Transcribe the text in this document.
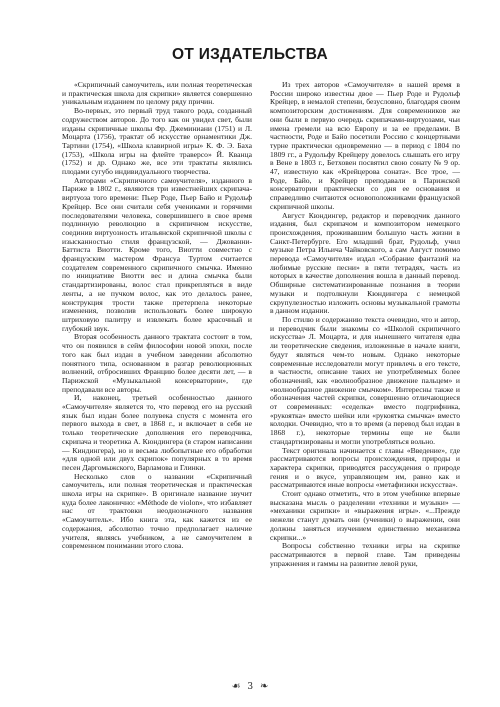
ОТ ИЗДАТЕЛЬСТВА

«Скрипичный самоучитель, или полная теоретическая и практическая школа для скрипки» является совершенно уникальным изданием по целому ряду причин.

Во-первых, это первый труд такого рода, созданный содружеством авторов. До того как он увидел свет, были изданы скрипичные школы Фр. Джеминиани (1751) и Л. Моцарта (1756), трактат об искусстве орнаментики Дж. Тартини (1754), «Школа клавирной игры» К. Ф. Э. Баха (1753), «Школа игры на флейте траверсо» Й. Кванца (1752) и др. Однако же, все эти трактаты являлись плодами сугубо индивидуального творчества.

Авторами «Скрипичного самоучителя», изданного в Париже в 1802 г., являются три известнейших скрипача-виртуоза того времени: Пьер Роде, Пьер Байо и Рудольф Крейцер. Все они считали себя учениками и горячими последователями человека, совершившего в свое время подлинную революцию в скрипичном искусстве, соединив виртуозность итальянской скрипичной школы с изысканностью стиля французской, — Джованни-Баттиста Виотти. Кроме того, Виотти совместно с французским мастером Франсуа Туртом считается создателем современного скрипичного смычка. Именно по инициативе Виотти вес и длина смычка были стандартизированы, волос стал прикрепляться в виде ленты, а не пучком волос, как это делалось ранее, конструкция трости также претерпела некоторые изменения, позволив использовать более широкую штриховую палитру и извлекать более красочный и глубокий звук.

Вторая особенность данного трактата состоит в том, что он появился в сейм философии новой эпохи, после того как был издан в учебном заведении абсолютно понятного типа, основанном в разгар революционных волнений, отбросивших Францию более десяти лет, — в Парижской «Музыкальной консерватории», где преподавали все авторы.

И, наконец, третьей особенностью данного «Самоучителя» является то, что перевод его на русский язык был издан более полувека спустя с момента его первого выхода в свет, в 1868 г., и включает в себя не только теоретические дополнения его переводчика, скрипача и теоретика А. Кюндингера (в старом написании — Киндингера), но и весьма любопытные его обработки «для одной или двух скрипок» популярных в то время песен Даргомыжского, Варламова и Глинки.

Несколько слов о названии «Скрипичный самоучитель, или полная теоретическая и практическая школа игры на скрипке». В оригинале название звучит куда более лаконично: «Méthode de violon», что избавляет нас от трактовки неоднозначного названия «Самоучитель». Ибо книга эта, как кажется из ее содержания, абсолютно точно предполагает наличие учителя, являясь учебником, а не самоучителем в современном понимании этого слова.

Из трех авторов «Самоучителя» в нашей время в России широко известны двое — Пьер Роде и Рудольф Крейцер, в немалой степени, безусловно, благодаря своим композиторским достижениям. Для современников же они были в первую очередь скрипачами-виртуозами, чьи имена гремели на всю Европу и за ее пределами. В частности, Роде и Байо посетили Россию с концертными турне практически одновременно — в период с 1804 по 1809 гг., а Рудольфу Крейцеру довелось слышать его игру в Вене в 1803 г., Бетховен посвятил свою сонату № 9 ор. 47, известную как «Крейцерова соната». Все трое, — Роде, Байо, и Крейцер преподавали в Парижской консерватории практически со дня ее основания и справедливо считаются основоположниками французской скрипичной школы.

Август Кюндингер, редактор и переводчик данного издания, был скрипачом и композитором немецкого происхождения, проживавшим большую часть жизни в Санкт-Петербурге. Его младший брат, Рудольф, учил музыке Петра Ильича Чайковского, а сам Август помимо перевода «Самоучителя» издал «Собрание фантазий на любимые русские песни» в пяти тетрадях, часть из которых в качестве дополнения вошла в данный перевод. Обширные систематизированные познания в теории музыки и подтолкнули Кюндингера с немецкой скрупулезностью изложить основы музыкальной грамоты в данном издании.

По стилю и содержанию текста очевидно, что и автор, и переводчик были знакомы со «Школой скрипичного искусства» Л. Моцарта, и для нынешнего читателя едва ли теоретические сведения, изложенные в начале книги, будут являться чем-то новым. Однако некоторые современные исследователи могут привлечь в его тексте, в частности, описание таких не употребляемых более обозначений, как «волнообразное движение пальцем» и «волнообразное движение смычком». Интересны также и обозначения частей скрипки, совершенно отличающиеся от современных: «седелка» вместо подгрифника, «рукоятка» вместо шейки или «рукоятка смычка» вместо колодки. Очевидно, что в то время (а перевод был издан в 1868 г.), некоторые термины еще не были стандартизированы и могли употребляться вольно.

Текст оригинала начинается с главы «Введение», где рассматриваются вопросы происхождения, природы и характера скрипки, приводятся рассуждения о природе гения и о вкусе, управляющем им, равно как и рассматриваются иные вопросы «метафизики искусства».

Стоит однако отметить, что в этом учебнике впервые высказана мысль о разделении «техники и музыки» — «механики скрипки» и «выражения игры». «...Прежде нежели станут думать они (ученики) о выражении, они должны заняться изучением единственно механизма скрипки...»

Вопросы собственно техники игры на скрипке рассматриваются в первой главе. Там приведены упражнения и гаммы на развитие левой руки,

☙ 3 ❧
